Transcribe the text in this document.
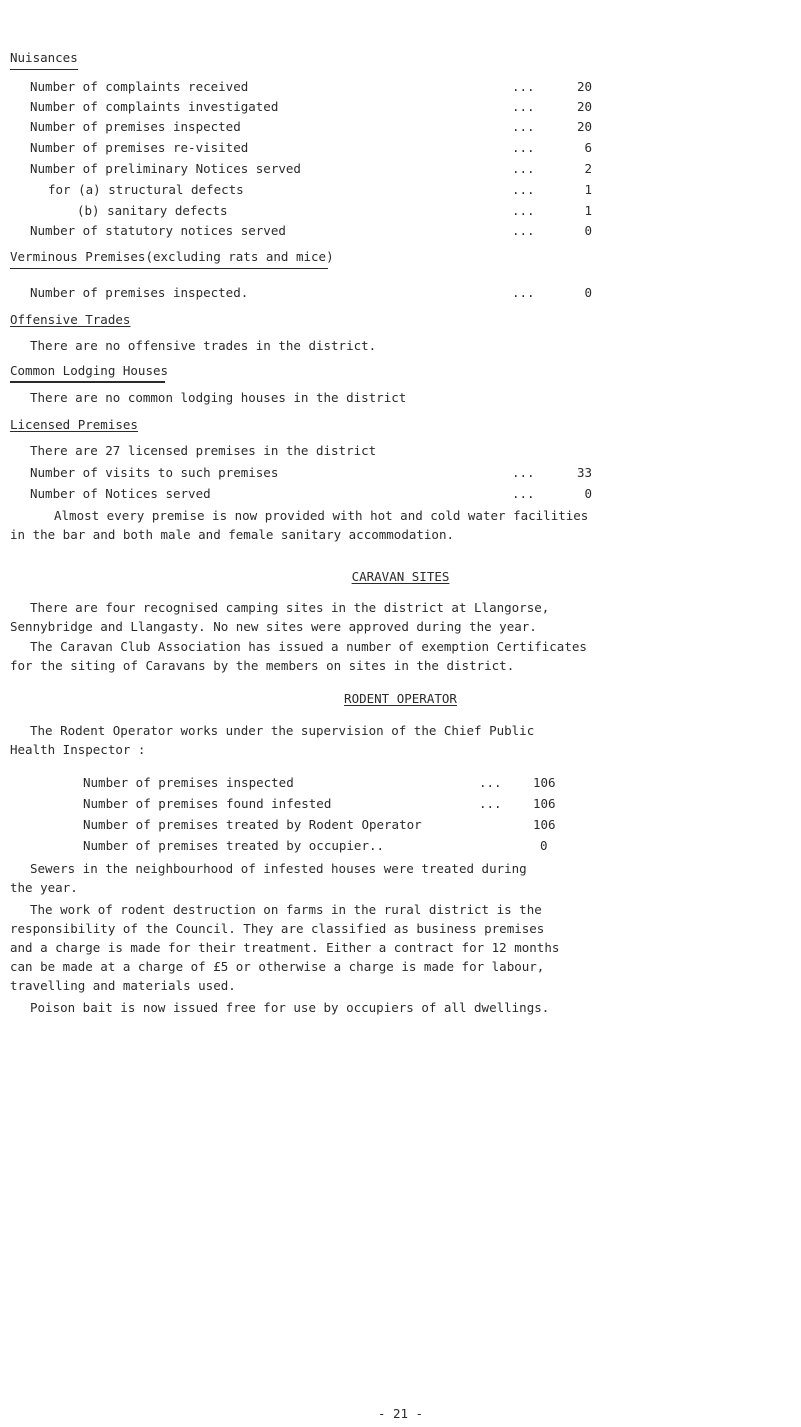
Nuisances
Number of complaints received	...	20
Number of complaints investigated	...	20
Number of premises inspected	...	20
Number of premises re-visited	...	6
Number of preliminary Notices served	...	2
for (a) structural defects	...	1
(b) sanitary defects	...	1
Number of statutory notices served	...	0
Verminous Premises(excluding rats and mice)
Number of premises inspected.	...	0
Offensive Trades
There are no offensive trades in the district.
Common Lodging Houses
There are no common lodging houses in the district
Licensed Premises
There are 27 licensed premises in the district
Number of visits to such premises	...	33
Number of Notices served	...	0
Almost every premise is now provided with hot and cold water facilities
in the bar and both male and female sanitary accommodation.
CARAVAN SITES
There are four recognised camping sites in the district at Llangorse,
Sennybridge and Llangasty. No new sites were approved during the year.
The Caravan Club Association has issued a number of exemption Certificates
for the siting of Caravans by the members on sites in the district.
RODENT OPERATOR
The Rodent Operator works under the supervision of the Chief Public
Health Inspector :
Number of premises inspected	...	106
Number of premises found infested	...	106
Number of premises treated by Rodent Operator	106
Number of premises treated by occupier..	0
Sewers in the neighbourhood of infested houses were treated during
the year.
The work of rodent destruction on farms in the rural district is the
responsibility of the Council. They are classified as business premises
and a charge is made for their treatment. Either a contract for 12 months
can be made at a charge of £5 or otherwise a charge is made for labour,
travelling and materials used.
Poison bait is now issued free for use by occupiers of all dwellings.
- 21 -
